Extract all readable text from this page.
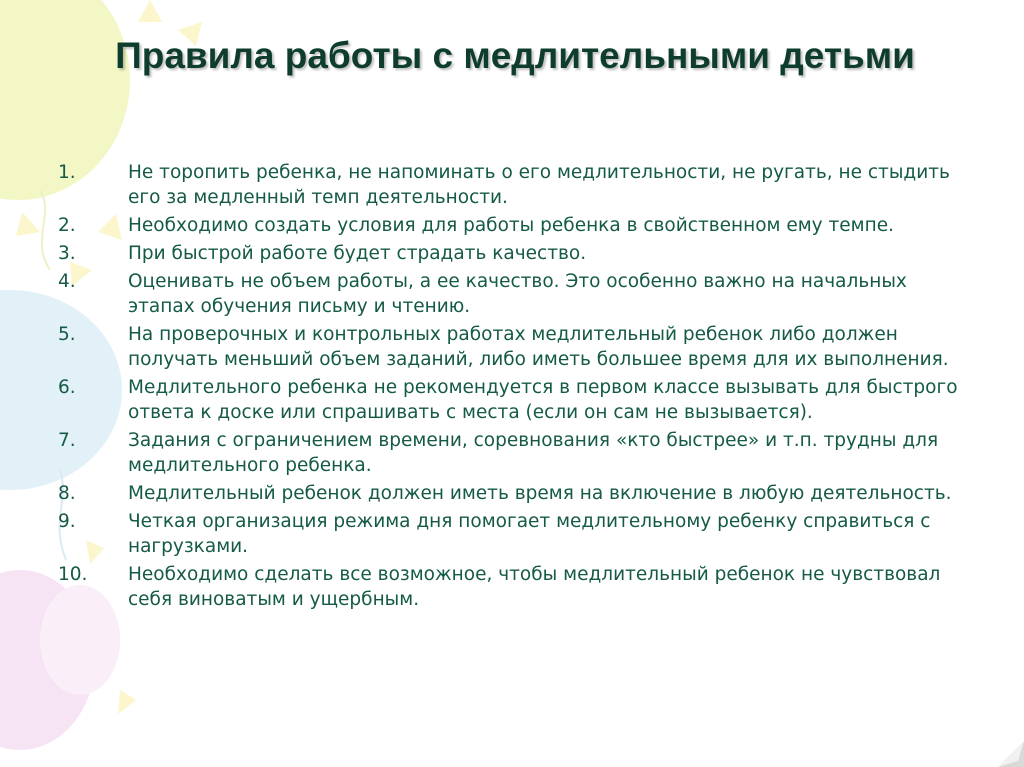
Правила работы с медлительными детьми
1.	Не торопить ребенка, не напоминать о его медлительности, не ругать, не стыдить его за медленный темп деятельности.
2.	Необходимо создать условия для работы ребенка в свойственном ему темпе.
3.	При быстрой работе будет страдать качество.
4.	Оценивать не объем работы, а ее качество. Это особенно важно на начальных этапах обучения письму и чтению.
5.	На проверочных и контрольных работах медлительный ребенок либо должен получать меньший объем заданий, либо иметь большее время для их выполнения.
6.	Медлительного ребенка не рекомендуется в первом классе вызывать для быстрого ответа к доске или спрашивать с места (если он сам не вызывается).
7.	Задания с ограничением времени, соревнования «кто быстрее» и т.п. трудны для медлительного ребенка.
8.	Медлительный ребенок должен иметь время на включение в любую деятельность.
9.	Четкая организация режима дня помогает медлительному ребенку справиться с нагрузками.
10. Необходимо сделать все возможное, чтобы медлительный ребенок не чувствовал себя виноватым и ущербным.
